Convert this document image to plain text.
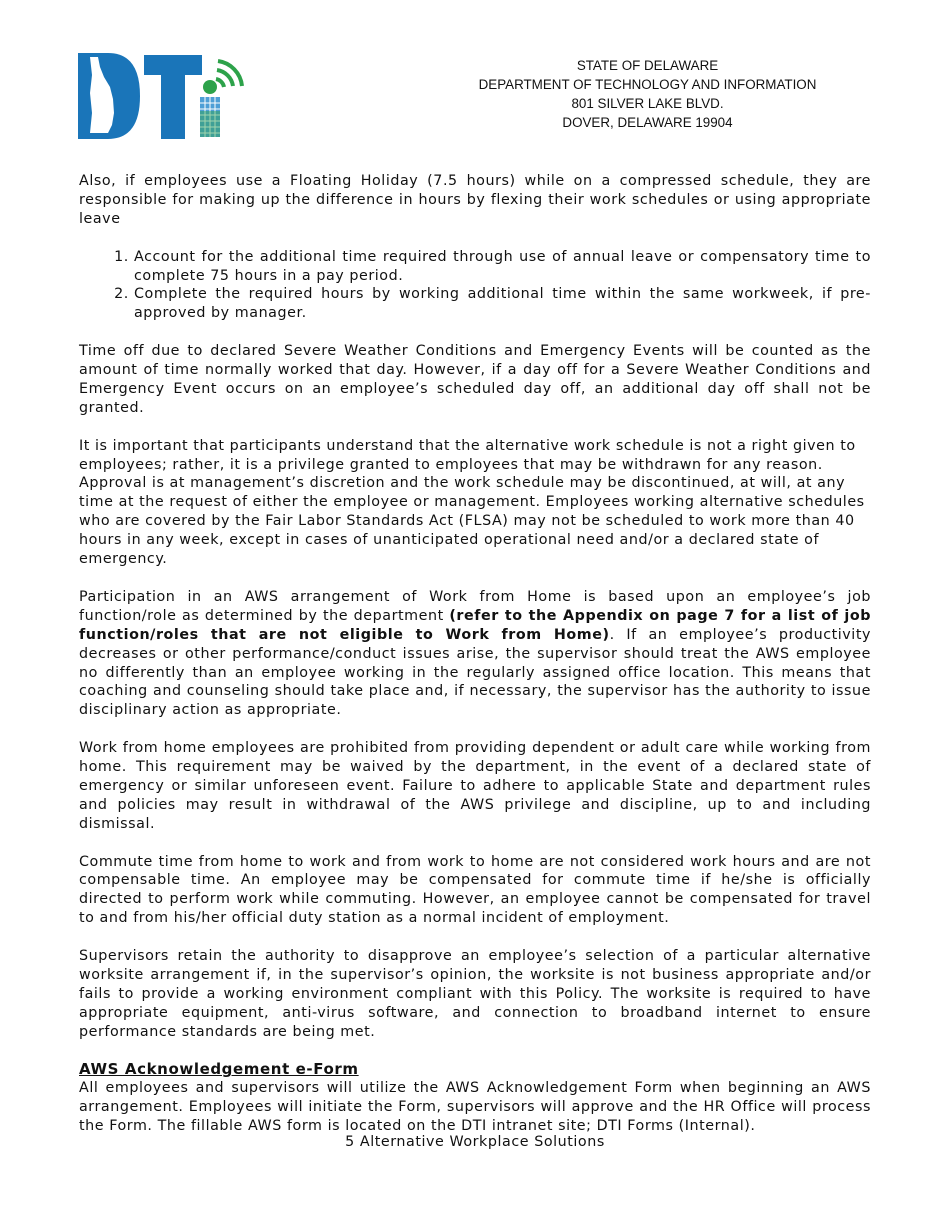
STATE OF DELAWARE
DEPARTMENT OF TECHNOLOGY AND INFORMATION
801 SILVER LAKE BLVD.
DOVER, DELAWARE 19904

Also, if employees use a Floating Holiday (7.5 hours) while on a compressed schedule, they are responsible for making up the difference in hours by flexing their work schedules or using appropriate leave

1. Account for the additional time required through use of annual leave or compensatory time to complete 75 hours in a pay period.
2. Complete the required hours by working additional time within the same workweek, if pre-approved by manager.

Time off due to declared Severe Weather Conditions and Emergency Events will be counted as the amount of time normally worked that day. However, if a day off for a Severe Weather Conditions and Emergency Event occurs on an employee’s scheduled day off, an additional day off shall not be granted.

It is important that participants understand that the alternative work schedule is not a right given to employees; rather, it is a privilege granted to employees that may be withdrawn for any reason. Approval is at management’s discretion and the work schedule may be discontinued, at will, at any time at the request of either the employee or management. Employees working alternative schedules who are covered by the Fair Labor Standards Act (FLSA) may not be scheduled to work more than 40 hours in any week, except in cases of unanticipated operational need and/or a declared state of emergency.

Participation in an AWS arrangement of Work from Home is based upon an employee’s job function/role as determined by the department (refer to the Appendix on page 7 for a list of job function/roles that are not eligible to Work from Home). If an employee’s productivity decreases or other performance/conduct issues arise, the supervisor should treat the AWS employee no differently than an employee working in the regularly assigned office location. This means that coaching and counseling should take place and, if necessary, the supervisor has the authority to issue disciplinary action as appropriate.

Work from home employees are prohibited from providing dependent or adult care while working from home. This requirement may be waived by the department, in the event of a declared state of emergency or similar unforeseen event. Failure to adhere to applicable State and department rules and policies may result in withdrawal of the AWS privilege and discipline, up to and including dismissal.

Commute time from home to work and from work to home are not considered work hours and are not compensable time. An employee may be compensated for commute time if he/she is officially directed to perform work while commuting. However, an employee cannot be compensated for travel to and from his/her official duty station as a normal incident of employment.

Supervisors retain the authority to disapprove an employee’s selection of a particular alternative worksite arrangement if, in the supervisor’s opinion, the worksite is not business appropriate and/or fails to provide a working environment compliant with this Policy. The worksite is required to have appropriate equipment, anti-virus software, and connection to broadband internet to ensure performance standards are being met.

AWS Acknowledgement e-Form

All employees and supervisors will utilize the AWS Acknowledgement Form when beginning an AWS arrangement. Employees will initiate the Form, supervisors will approve and the HR Office will process the Form. The fillable AWS form is located on the DTI intranet site; DTI Forms (Internal).

5 Alternative Workplace Solutions
